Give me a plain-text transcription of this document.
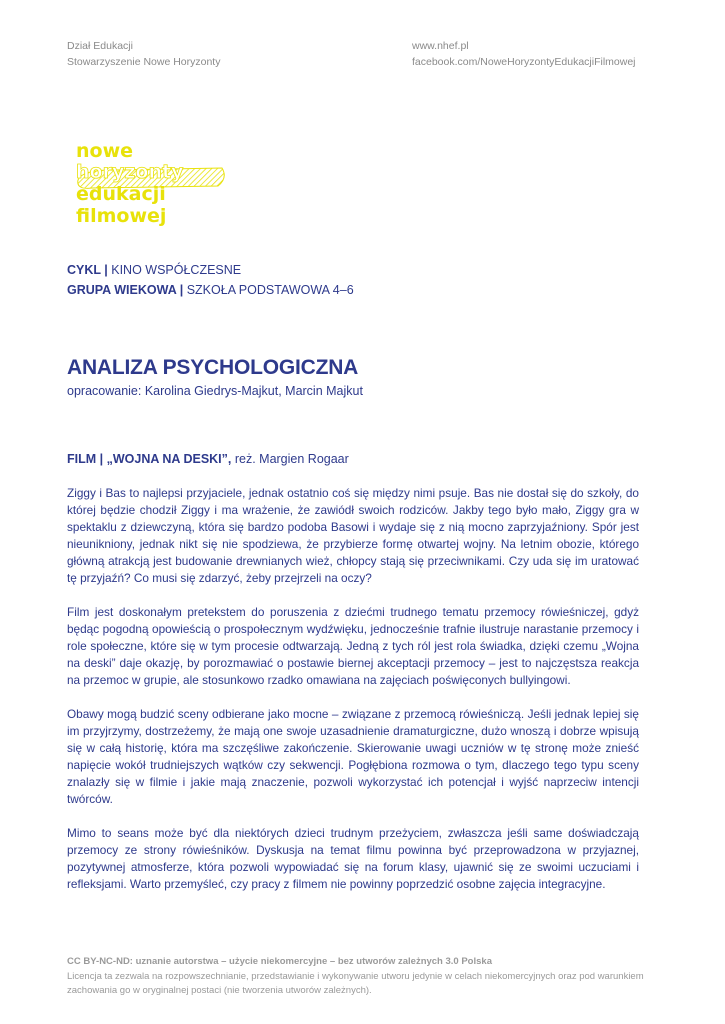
Dział Edukacji
Stowarzyszenie Nowe Horyzonty
www.nhef.pl
facebook.com/NoweHoryzontyEdukacjiFilmowej
nowe
horyzonty
edukacji
filmowej
CYKL | KINO WSPÓŁCZESNE
GRUPA WIEKOWA | SZKOŁA PODSTAWOWA 4–6
ANALIZA PSYCHOLOGICZNA
opracowanie: Karolina Giedrys-Majkut, Marcin Majkut
FILM | „WOJNA NA DESKI”, reż. Margien Rogaar

Ziggy i Bas to najlepsi przyjaciele, jednak ostatnio coś się między nimi psuje. Bas nie dostał się do szkoły, do której będzie chodził Ziggy i ma wrażenie, że zawiódł swoich rodziców. Jakby tego było mało, Ziggy gra w spektaklu z dziewczyną, która się bardzo podoba Basowi i wydaje się z nią mocno zaprzyjaźniony. Spór jest nieunikniony, jednak nikt się nie spodziewa, że przybierze formę otwartej wojny. Na letnim obozie, którego główną atrakcją jest budowanie drewnianych wież, chłopcy stają się przeciwnikami. Czy uda się im uratować tę przyjaźń? Co musi się zdarzyć, żeby przejrzeli na oczy?

Film jest doskonałym pretekstem do poruszenia z dziećmi trudnego tematu przemocy rówieśniczej, gdyż będąc pogodną opowieścią o prospołecznym wydźwięku, jednocześnie trafnie ilustruje narastanie przemocy i role społeczne, które się w tym procesie odtwarzają. Jedną z tych ról jest rola świadka, dzięki czemu „Wojna na deski” daje okazję, by porozmawiać o postawie biernej akceptacji przemocy – jest to najczęstsza reakcja na przemoc w grupie, ale stosunkowo rzadko omawiana na zajęciach poświęconych bullyingowi.

Obawy mogą budzić sceny odbierane jako mocne – związane z przemocą rówieśniczą. Jeśli jednak lepiej się im przyjrzymy, dostrzeżemy, że mają one swoje uzasadnienie dramaturgiczne, dużo wnoszą i dobrze wpisują się w całą historię, która ma szczęśliwe zakończenie. Skierowanie uwagi uczniów w tę stronę może znieść napięcie wokół trudniejszych wątków czy sekwencji. Pogłębiona rozmowa o tym, dlaczego tego typu sceny znalazły się w filmie i jakie mają znaczenie, pozwoli wykorzystać ich potencjał i wyjść naprzeciw intencji twórców.

Mimo to seans może być dla niektórych dzieci trudnym przeżyciem, zwłaszcza jeśli same doświadczają przemocy ze strony rówieśników. Dyskusja na temat filmu powinna być przeprowadzona w przyjaznej, pozytywnej atmosferze, która pozwoli wypowiadać się na forum klasy, ujawnić się ze swoimi uczuciami i refleksjami. Warto przemyśleć, czy pracy z filmem nie powinny poprzedzić osobne zajęcia integracyjne.

CC BY-NC-ND: uznanie autorstwa – użycie niekomercyjne – bez utworów zależnych 3.0 Polska
Licencja ta zezwala na rozpowszechnianie, przedstawianie i wykonywanie utworu jedynie w celach niekomercyjnych oraz pod warunkiem zachowania go w oryginalnej postaci (nie tworzenia utworów zależnych).
